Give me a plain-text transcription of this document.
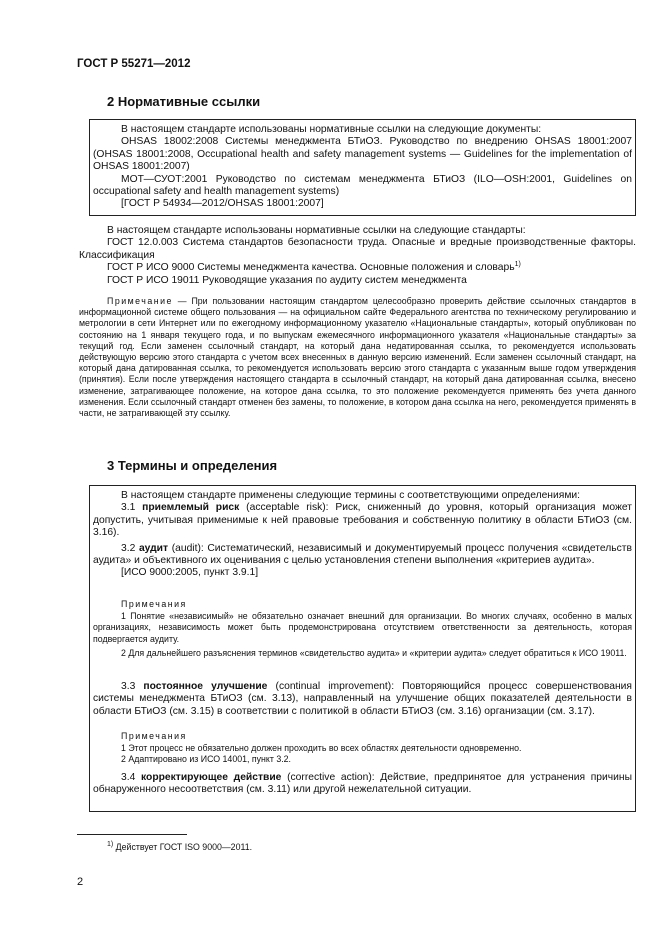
ГОСТ Р 55271—2012
2 Нормативные ссылки

В настоящем стандарте использованы нормативные ссылки на следующие документы:

OHSAS 18002:2008 Системы менеджмента БТиОЗ. Руководство по внедрению OHSAS 18001:2007 (OHSAS 18001:2008, Occupational health and safety management systems — Guidelines for the implementation of OHSAS 18001:2007)

МОТ—СУОТ:2001 Руководство по системам менеджмента БТиОЗ (ILO—OSH:2001, Guidelines on occupational safety and health management systems)

[ГОСТ Р 54934—2012/OHSAS 18001:2007]

В настоящем стандарте использованы нормативные ссылки на следующие стандарты:

ГОСТ 12.0.003 Система стандартов безопасности труда. Опасные и вредные производственные факторы. Классификация

ГОСТ Р ИСО 9000 Системы менеджмента качества. Основные положения и словарь$^{1)}$

ГОСТ Р ИСО 19011 Руководящие указания по аудиту систем менеджмента

Примечание — При пользовании настоящим стандартом целесообразно проверить действие ссылочных стандартов в информационной системе общего пользования — на официальном сайте Федерального агентства по техническому регулированию и метрологии в сети Интернет или по ежегодному информационному указателю «Национальные стандарты», который опубликован по состоянию на 1 января текущего года, и по выпускам ежемесячного информационного указателя «Национальные стандарты» за текущий год. Если заменен ссылочный стандарт, на который дана недатированная ссылка, то рекомендуется использовать действующую версию этого стандарта с учетом всех внесенных в данную версию изменений. Если заменен ссылочный стандарт, на который дана датированная ссылка, то рекомендуется использовать версию этого стандарта с указанным выше годом утверждения (принятия). Если после утверждения настоящего стандарта в ссылочный стандарт, на который дана датированная ссылка, внесено изменение, затрагивающее положение, на которое дана ссылка, то это положение рекомендуется применять без учета данного изменения. Если ссылочный стандарт отменен без замены, то положение, в котором дана ссылка на него, рекомендуется применять в части, не затрагивающей эту ссылку.

3 Термины и определения

В настоящем стандарте применены следующие термины с соответствующими определениями:

3.1 приемлемый риск (acceptable risk): Риск, сниженный до уровня, который организация может допустить, учитывая применимые к ней правовые требования и собственную политику в области БТиОЗ (см. 3.16).

3.2 аудит (audit): Систематический, независимый и документируемый процесс получения «свидетельств аудита» и объективного их оценивания с целью установления степени выполнения «критериев аудита».

[ИСО 9000:2005, пункт 3.9.1]

Примечания

1 Понятие «независимый» не обязательно означает внешний для организации. Во многих случаях, особенно в малых организациях, независимость может быть продемонстрирована отсутствием ответственности за деятельность, которая подвергается аудиту.

2 Для дальнейшего разъяснения терминов «свидетельство аудита» и «критерии аудита» следует обратиться к ИСО 19011.

3.3 постоянное улучшение (continual improvement): Повторяющийся процесс совершенствования системы менеджмента БТиОЗ (см. 3.13), направленный на улучшение общих показателей деятельности в области БТиОЗ (см. 3.15) в соответствии с политикой в области БТиОЗ (см. 3.16) организации (см. 3.17).

Примечания

1 Этот процесс не обязательно должен проходить во всех областях деятельности одновременно.

2 Адаптировано из ИСО 14001, пункт 3.2.

3.4 корректирующее действие (corrective action): Действие, предпринятое для устранения причины обнаруженного несоответствия (см. 3.11) или другой нежелательной ситуации.

$^{1)}$ Действует ГОСТ ISO 9000—2011.
2
